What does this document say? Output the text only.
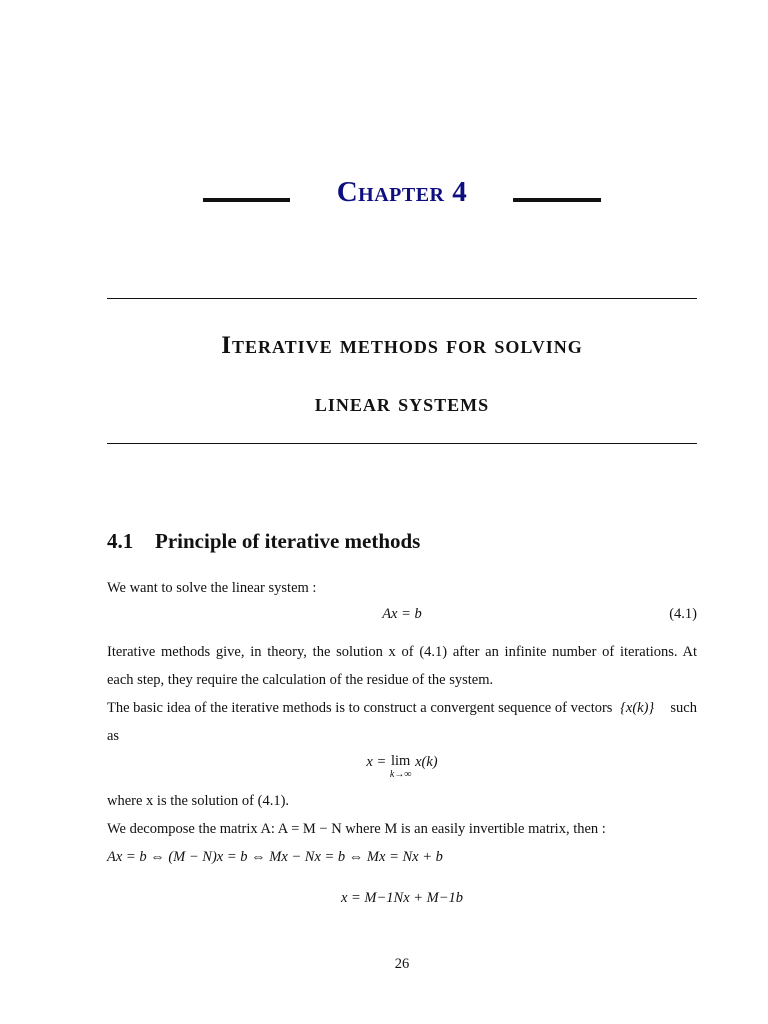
Chapter 4
Iterative methods for solving
linear systems
4.1 Principle of iterative methods
We want to solve the linear system :
Ax = b	(4.1)
Iterative methods give, in theory, the solution x of (4.1) after an infinite number of iterations. At
each step, they require the calculation of the residue of the system.
The basic idea of the iterative methods is to construct a convergent sequence of vectors {x(k)} such
as
x = lim
k→∞
x(k)
where x is the solution of (4.1).
We decompose the matrix A: A = M − N where M is an easily invertible matrix, then :
Ax = b ⇔ (M − N)x = b ⇔ Mx − Nx = b ⇔ Mx = Nx + b
x = M−1Nx + M−1b
26
